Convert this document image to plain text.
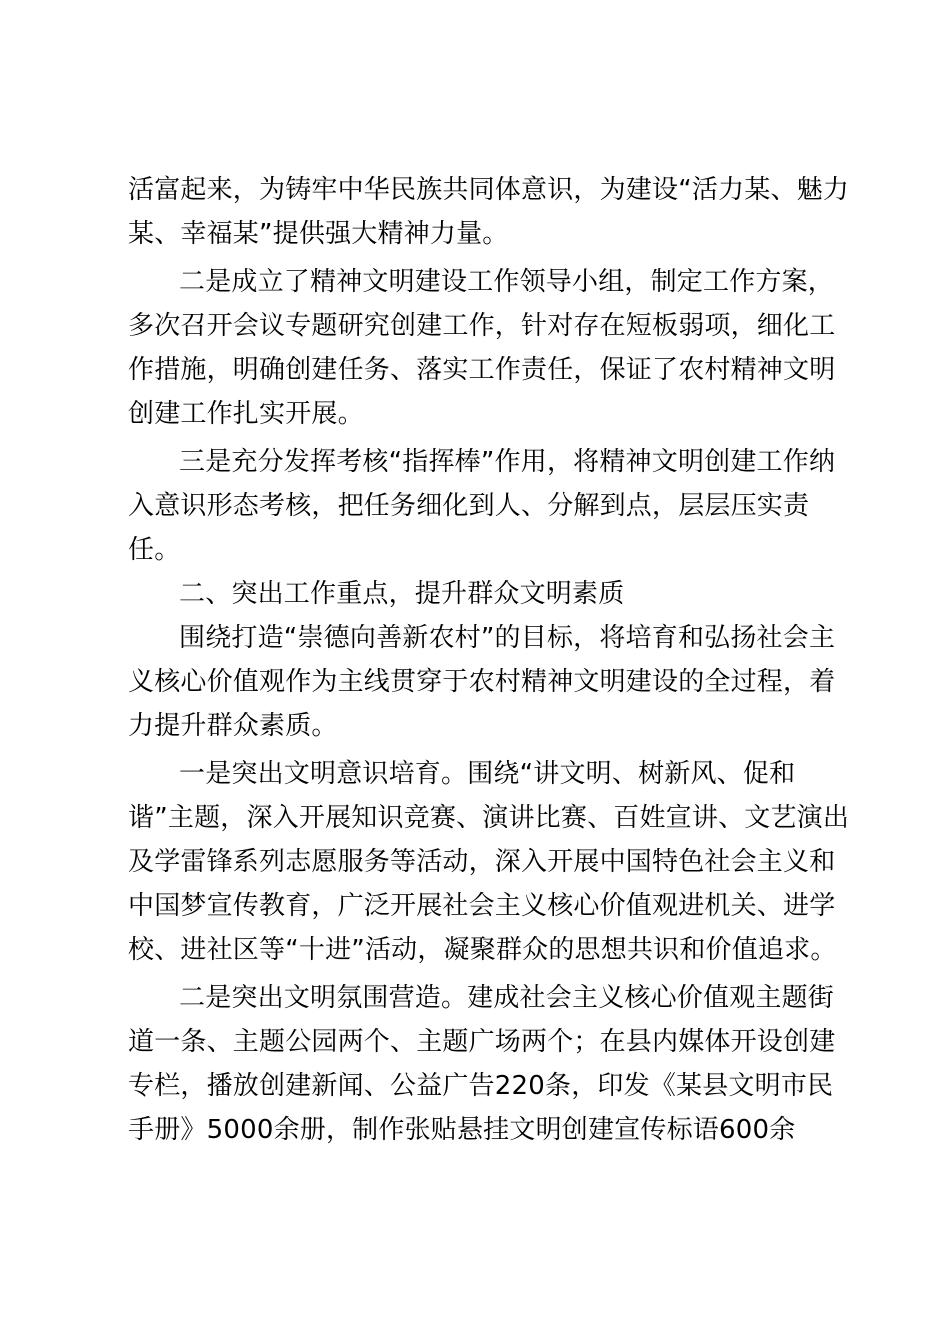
活富起来，为铸牢中华民族共同体意识，为建设“活力某、魅力
某、幸福某”提供强大精神力量。
二是成立了精神文明建设工作领导小组，制定工作方案，
多次召开会议专题研究创建工作，针对存在短板弱项，细化工
作措施，明确创建任务、落实工作责任，保证了农村精神文明
创建工作扎实开展。
三是充分发挥考核“指挥棒”作用，将精神文明创建工作纳
入意识形态考核，把任务细化到人、分解到点，层层压实责
任。
二、突出工作重点，提升群众文明素质
围绕打造“崇德向善新农村”的目标，将培育和弘扬社会主
义核心价值观作为主线贯穿于农村精神文明建设的全过程，着
力提升群众素质。
一是突出文明意识培育。围绕“讲文明、树新风、促和
谐”主题，深入开展知识竞赛、演讲比赛、百姓宣讲、文艺演出
及学雷锋系列志愿服务等活动，深入开展中国特色社会主义和
中国梦宣传教育，广泛开展社会主义核心价值观进机关、进学
校、进社区等“十进”活动，凝聚群众的思想共识和价值追求。
二是突出文明氛围营造。建成社会主义核心价值观主题街
道一条、主题公园两个、主题广场两个；在县内媒体开设创建
专栏，播放创建新闻、公益广告220条，印发《某县文明市民
手册》5000余册，制作张贴悬挂文明创建宣传标语600余
